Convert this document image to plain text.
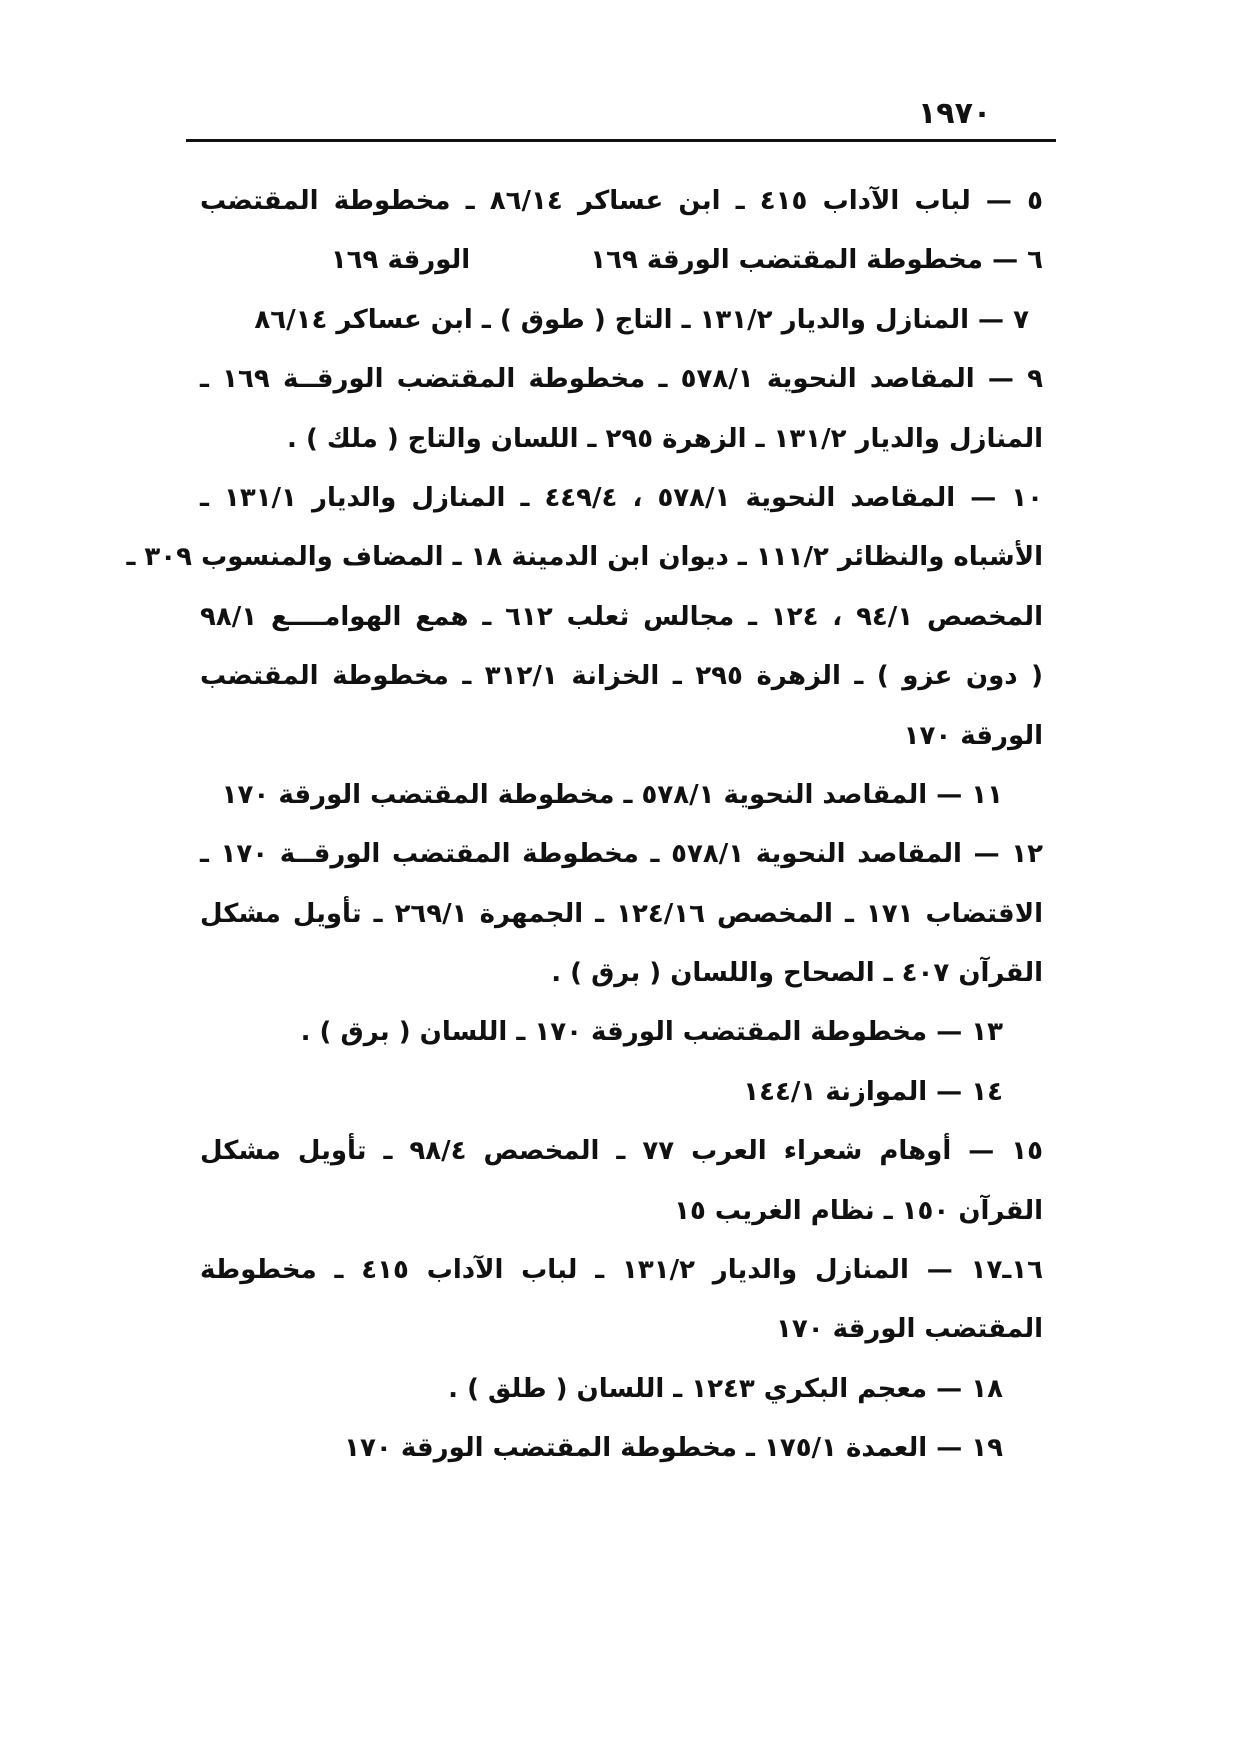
١٩٧٠
٥ — لباب الآداب ٤١٥ ـ ابن عساكر ٨٦/١٤ ـ مخطوطة المقتضب
الورقة ١٦٩	٦ — مخطوطة المقتضب الورقة ١٦٩
٧ — المنازل والديار ١٣١/٢ ـ التاج ( طوق ) ـ ابن عساكر ٨٦/١٤
٩ — المقاصد النحوية ٥٧٨/١ ـ مخطوطة المقتضب الورقــة ١٦٩ ـ
المنازل والديار ١٣١/٢ ـ الزهرة ٢٩٥ ـ اللسان والتاج ( ملك ) .
١٠ — المقاصد النحوية ٥٧٨/١ ، ٤٤٩/٤ ـ المنازل والديار ١٣١/١ ـ
الأشباه والنظائر ١١١/٢ ـ ديوان ابن الدمينة ١٨ ـ المضاف والمنسوب ٣٠٩ ـ
المخصص ٩٤/١ ، ١٢٤ ـ مجالس ثعلب ٦١٢ ـ همع الهوامــــع ٩٨/١
( دون عزو ) ـ الزهرة ٢٩٥ ـ الخزانة ٣١٢/١ ـ مخطوطة المقتضب
الورقة ١٧٠
١١ — المقاصد النحوية ٥٧٨/١ ـ مخطوطة المقتضب الورقة ١٧٠
١٢ — المقاصد النحوية ٥٧٨/١ ـ مخطوطة المقتضب الورقــة ١٧٠ ـ
الاقتضاب ١٧١ ـ المخصص ١٢٤/١٦ ـ الجمهرة ٢٦٩/١ ـ تأويل مشكل
القرآن ٤٠٧ ـ الصحاح واللسان ( برق ) .
١٣ — مخطوطة المقتضب الورقة ١٧٠ ـ اللسان ( برق ) .
١٤ — الموازنة ١٤٤/١
١٥ — أوهام شعراء العرب ٧٧ ـ المخصص ٩٨/٤ ـ تأويل مشكل
القرآن ١٥٠ ـ نظام الغريب ١٥
١٦ـ١٧ — المنازل والديار ١٣١/٢ ـ لباب الآداب ٤١٥ ـ مخطوطة
المقتضب الورقة ١٧٠
١٨ — معجم البكري ١٢٤٣ ـ اللسان ( طلق ) .
١٩ — العمدة ١٧٥/١ ـ مخطوطة المقتضب الورقة ١٧٠
